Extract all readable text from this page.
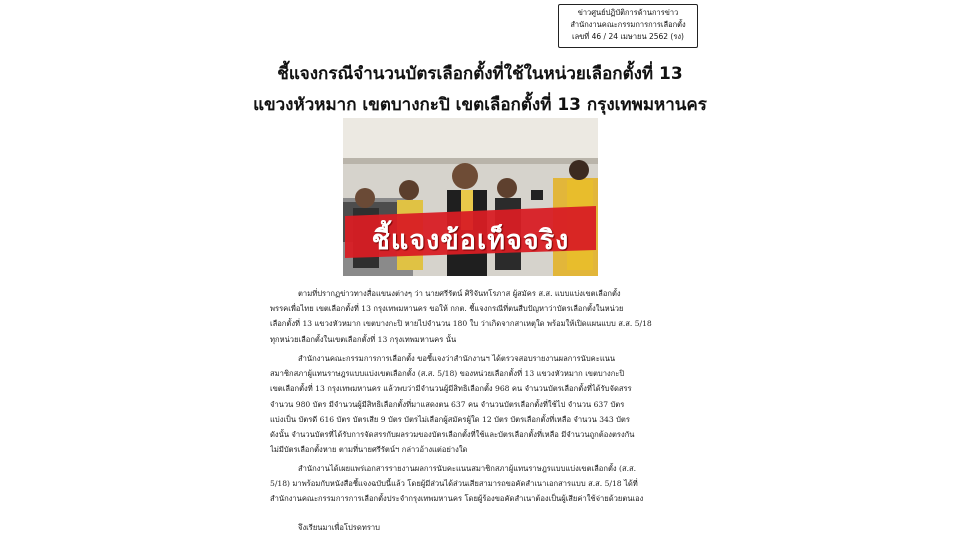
ข่าวศูนย์ปฏิบัติการด้านการข่าว
สำนักงานคณะกรรมการการเลือกตั้ง
เลขที่ 46 / 24 เมษายน 2562 (รง)
ชี้แจงกรณีจำนวนบัตรเลือกตั้งที่ใช้ในหน่วยเลือกตั้งที่ 13
แขวงหัวหมาก เขตบางกะปิ เขตเลือกตั้งที่ 13 กรุงเทพมหานคร
ชี้แจงข้อเท็จจริง
ตามที่ปรากฏข่าวทางสื่อแขนงต่างๆ ว่า นายศรีรัตน์ ศิริจันทโรภาส ผู้สมัคร ส.ส. แบบแบ่งเขตเลือกตั้ง
พรรคเพื่อไทย เขตเลือกตั้งที่ 13 กรุงเทพมหานคร ขอให้ กกต. ชี้แจงกรณีที่ตนสืบปัญหาว่าบัตรเลือกตั้งในหน่วย
เลือกตั้งที่ 13 แขวงหัวหมาก เขตบางกะปิ หายไปจำนวน 180 ใบ ว่าเกิดจากสาเหตุใด พร้อมให้เปิดแผนแบบ ส.ส. 5/18
ทุกหน่วยเลือกตั้งในเขตเลือกตั้งที่ 13 กรุงเทพมหานคร นั้น
สำนักงานคณะกรรมการการเลือกตั้ง ขอชี้แจงว่าสำนักงานฯ ได้ตรวจสอบรายงานผลการนับคะแนน
สมาชิกสภาผู้แทนราษฎรแบบแบ่งเขตเลือกตั้ง (ส.ส. 5/18) ของหน่วยเลือกตั้งที่ 13 แขวงหัวหมาก เขตบางกะปิ
เขตเลือกตั้งที่ 13 กรุงเทพมหานคร แล้วพบว่ามีจำนวนผู้มีสิทธิเลือกตั้ง 968 คน จำนวนบัตรเลือกตั้งที่ได้รับจัดสรร
จำนวน 980 บัตร มีจำนวนผู้มีสิทธิเลือกตั้งที่มาแสดงตน 637 คน จำนวนบัตรเลือกตั้งที่ใช้ไป จำนวน 637 บัตร
แบ่งเป็น บัตรดี 616 บัตร บัตรเสีย 9 บัตร บัตรไม่เลือกผู้สมัครผู้ใด 12 บัตร บัตรเลือกตั้งที่เหลือ จำนวน 343 บัตร
ดังนั้น จำนวนบัตรที่ได้รับการจัดสรรกับผลรวมของบัตรเลือกตั้งที่ใช้และบัตรเลือกตั้งที่เหลือ มีจำนวนถูกต้องตรงกัน
ไม่มีบัตรเลือกตั้งหาย ตามที่นายศรีรัตน์ฯ กล่าวอ้างแต่อย่างใด
สำนักงานได้เผยแพร่เอกสารรายงานผลการนับคะแนนสมาชิกสภาผู้แทนราษฎรแบบแบ่งเขตเลือกตั้ง (ส.ส.
5/18) มาพร้อมกับหนังสือชี้แจงฉบับนี้แล้ว โดยผู้มีส่วนได้ส่วนเสียสามารถขอคัดสำเนาเอกสารแบบ ส.ส. 5/18 ได้ที่
สำนักงานคณะกรรมการการเลือกตั้งประจำกรุงเทพมหานคร โดยผู้ร้องขอคัดสำเนาต้องเป็นผู้เสียค่าใช้จ่ายด้วยตนเอง
จึงเรียนมาเพื่อโปรดทราบ
